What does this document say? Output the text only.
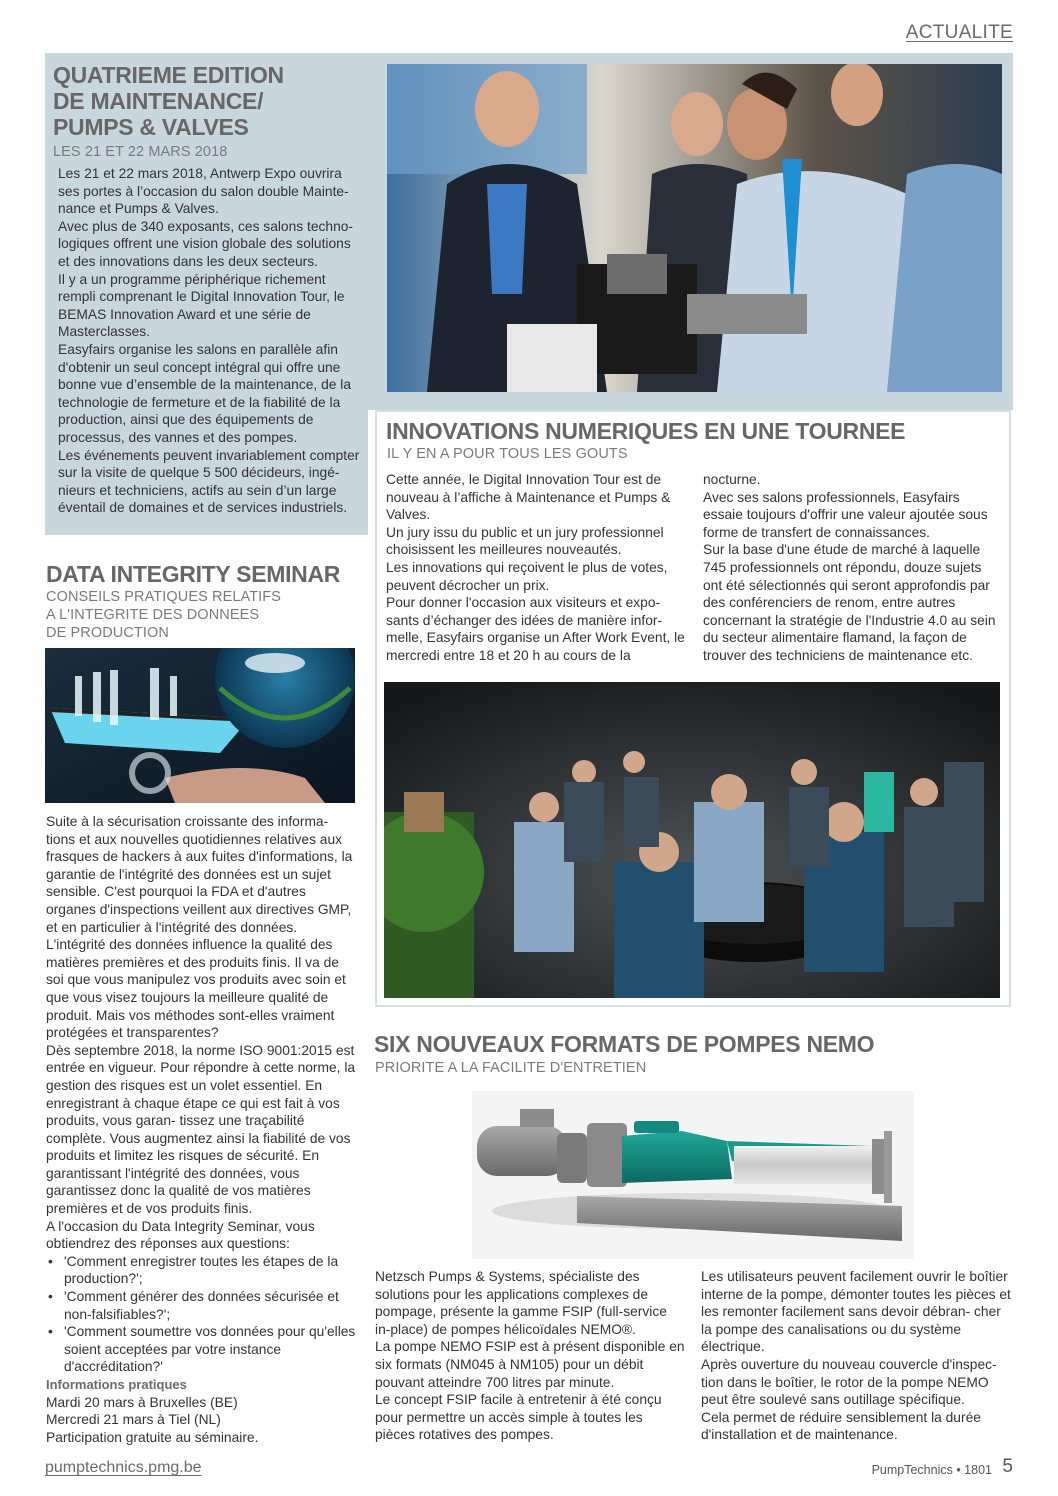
ACTUALITE

QUATRIEME EDITION

DE MAINTENANCE/

PUMPS & VALVES

LES 21 ET 22 MARS 2018

Les 21 et 22 mars 2018, Antwerp Expo ouvrira ses portes à l’occasion du salon double Mainte- nance et Pumps & Valves.

Avec plus de 340 exposants, ces salons techno- logiques offrent une vision globale des solutions et des innovations dans les deux secteurs.

Il y a un programme périphérique richement rempli comprenant le Digital Innovation Tour, le BEMAS Innovation Award et une série de Masterclasses.

Easyfairs organise les salons en parallèle afin d'obtenir un seul concept intégral qui offre une bonne vue d’ensemble de la maintenance, de la technologie de fermeture et de la fiabilité de la production, ainsi que des équipements de processus, des vannes et des pompes.

Les événements peuvent invariablement compter sur la visite de quelque 5 500 décideurs, ingé- nieurs et techniciens, actifs au sein d’un large éventail de domaines et de services industriels.

INNOVATIONS NUMERIQUES EN UNE TOURNEE

IL Y EN A POUR TOUS LES GOUTS

Cette année, le Digital Innovation Tour est de nouveau à l’affiche à Maintenance et Pumps & Valves.

Un jury issu du public et un jury professionnel choisissent les meilleures nouveautés.

Les innovations qui reçoivent le plus de votes, peuvent décrocher un prix.

Pour donner l'occasion aux visiteurs et expo- sants d’échanger des idées de manière infor- melle, Easyfairs organise un After Work Event, le mercredi entre 18 et 20 h au cours de la

nocturne.

Avec ses salons professionnels, Easyfairs essaie toujours d'offrir une valeur ajoutée sous forme de transfert de connaissances.

Sur la base d'une étude de marché à laquelle 745 professionnels ont répondu, douze sujets ont été sélectionnés qui seront approfondis par des conférenciers de renom, entre autres concernant la stratégie de l'Industrie 4.0 au sein du secteur alimentaire flamand, la façon de trouver des techniciens de maintenance etc.

DATA INTEGRITY SEMINAR

CONSEILS PRATIQUES RELATIFS

A L'INTEGRITE DES DONNEES

DE PRODUCTION

Suite à la sécurisation croissante des informa- tions et aux nouvelles quotidiennes relatives aux frasques de hackers à aux fuites d'informations, la garantie de l'intégrité des données est un sujet sensible. C'est pourquoi la FDA et d'autres organes d'inspections veillent aux directives GMP, et en particulier à l'intégrité des données. L'intégrité des données influence la qualité des matières premières et des produits finis. Il va de soi que vous manipulez vos produits avec soin et que vous visez toujours la meilleure qualité de produit. Mais vos méthodes sont-elles vraiment protégées et transparentes?

Dès septembre 2018, la norme ISO 9001:2015 est entrée en vigueur. Pour répondre à cette norme, la gestion des risques est un volet essentiel. En enregistrant à chaque étape ce qui est fait à vos produits, vous garan- tissez une traçabilité complète. Vous augmentez ainsi la fiabilité de vos produits et limitez les risques de sécurité. En garantissant l'intégrité des données, vous garantissez donc la qualité de vos matières premières et de vos produits finis.

A l'occasion du Data Integrity Seminar, vous obtiendrez des réponses aux questions:

• 'Comment enregistrer toutes les étapes de la production?';
• 'Comment générer des données sécurisée et non-falsifiables?';
• 'Comment soumettre vos données pour qu'elles soient acceptées par votre instance d'accréditation?'

Informations pratiques

Mardi 20 mars à Bruxelles (BE)

Mercredi 21 mars à Tiel (NL)

Participation gratuite au séminaire.

SIX NOUVEAUX FORMATS DE POMPES NEMO

PRIORITE A LA FACILITE D'ENTRETIEN

Netzsch Pumps & Systems, spécialiste des solutions pour les applications complexes de pompage, présente la gamme FSIP (full-service in-place) de pompes hélicoïdales NEMO®.

La pompe NEMO FSIP est à présent disponible en six formats (NM045 à NM105) pour un débit pouvant atteindre 700 litres par minute.

Le concept FSIP facile à entretenir à été conçu pour permettre un accès simple à toutes les pièces rotatives des pompes.

Les utilisateurs peuvent facilement ouvrir le boîtier interne de la pompe, démonter toutes les pièces et les remonter facilement sans devoir débran- cher la pompe des canalisations ou du système électrique.

Après ouverture du nouveau couvercle d'inspec- tion dans le boîtier, le rotor de la pompe NEMO peut être soulevé sans outillage spécifique.

Cela permet de réduire sensiblement la durée d'installation et de maintenance.

pumptechnics.pmg.be	PumpTechnics • 1801 5
